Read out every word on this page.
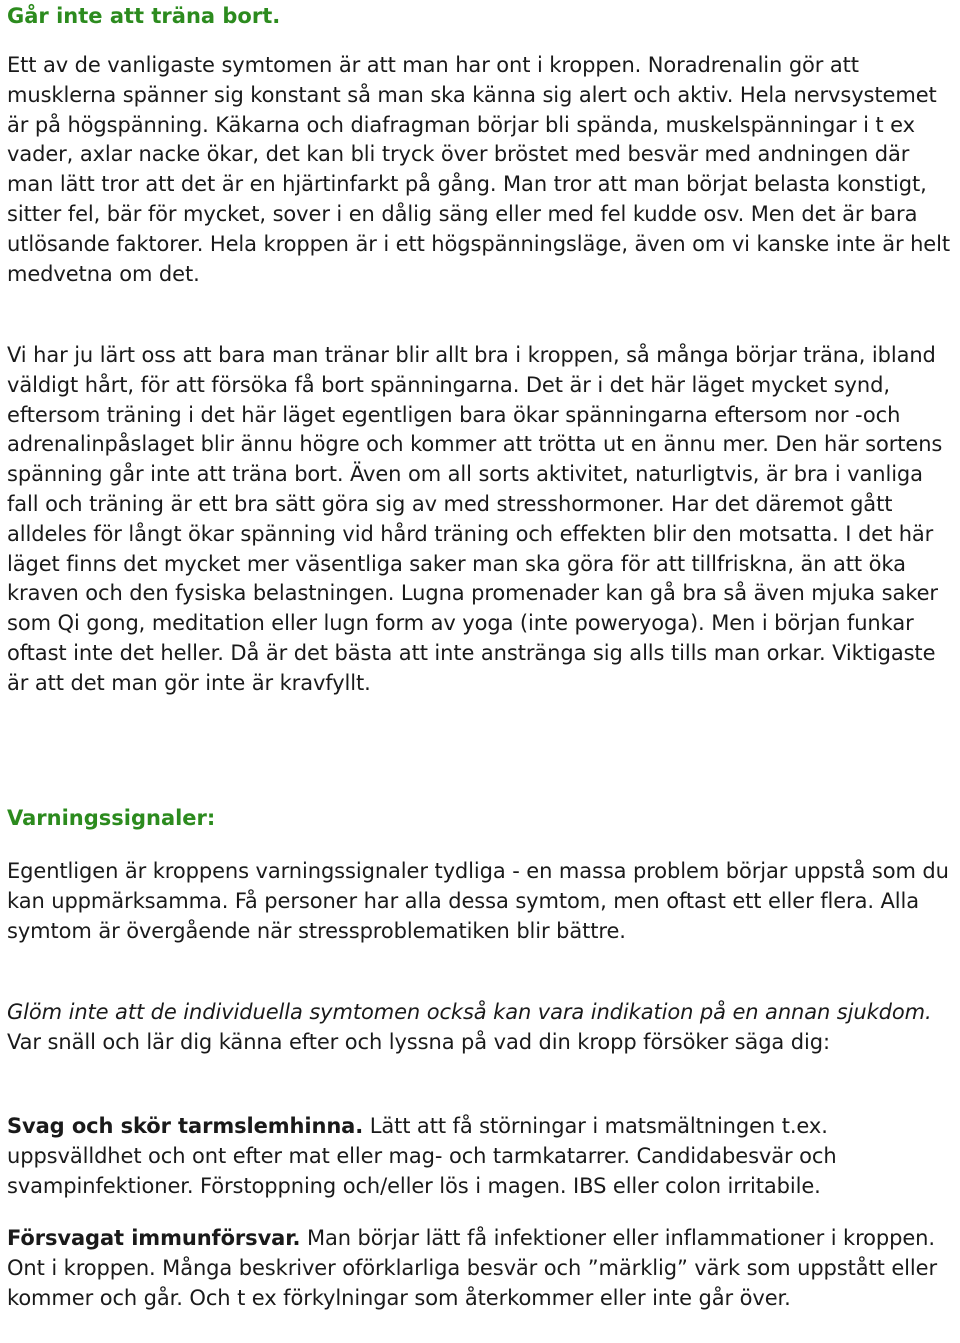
Går inte att träna bort.

Ett av de vanligaste symtomen är att man har ont i kroppen. Noradrenalin gör att musklerna spänner sig konstant så man ska känna sig alert och aktiv. Hela nervsystemet är på högspänning. Käkarna och diafragman börjar bli spända, muskelspänningar i t ex vader, axlar nacke ökar, det kan bli tryck över bröstet med besvär med andningen där man lätt tror att det är en hjärtinfarkt på gång. Man tror att man börjat belasta konstigt, sitter fel, bär för mycket, sover i en dålig säng eller med fel kudde osv. Men det är bara utlösande faktorer. Hela kroppen är i ett högspänningsläge, även om vi kanske inte är helt medvetna om det.

Vi har ju lärt oss att bara man tränar blir allt bra i kroppen, så många börjar träna, ibland väldigt hårt, för att försöka få bort spänningarna. Det är i det här läget mycket synd, eftersom träning i det här läget egentligen bara ökar spänningarna eftersom nor -och adrenalinpåslaget blir ännu högre och kommer att trötta ut en ännu mer. Den här sortens spänning går inte att träna bort. Även om all sorts aktivitet, naturligtvis, är bra i vanliga fall och träning är ett bra sätt göra sig av med stresshormoner. Har det däremot gått alldeles för långt ökar spänning vid hård träning och effekten blir den motsatta. I det här läget finns det mycket mer väsentliga saker man ska göra för att tillfriskna, än att öka kraven och den fysiska belastningen. Lugna promenader kan gå bra så även mjuka saker som Qi gong, meditation eller lugn form av yoga (inte poweryoga). Men i början funkar oftast inte det heller. Då är det bästa att inte anstränga sig alls tills man orkar. Viktigaste är att det man gör inte är kravfyllt.

Varningssignaler:

Egentligen är kroppens varningssignaler tydliga - en massa problem börjar uppstå som du kan uppmärksamma. Få personer har alla dessa symtom, men oftast ett eller flera. Alla symtom är övergående när stressproblematiken blir bättre.

Glöm inte att de individuella symtomen också kan vara indikation på en annan sjukdom. Var snäll och lär dig känna efter och lyssna på vad din kropp försöker säga dig:

Svag och skör tarmslemhinna. Lätt att få störningar i matsmältningen t.ex. uppsvälldhet och ont efter mat eller mag- och tarmkatarrer. Candidabesvär och svampinfektioner. Förstoppning och/eller lös i magen. IBS eller colon irritabile.

Försvagat immunförsvar. Man börjar lätt få infektioner eller inflammationer i kroppen. Ont i kroppen. Många beskriver oförklarliga besvär och ”märklig” värk som uppstått eller kommer och går. Och t ex förkylningar som återkommer eller inte går över.
